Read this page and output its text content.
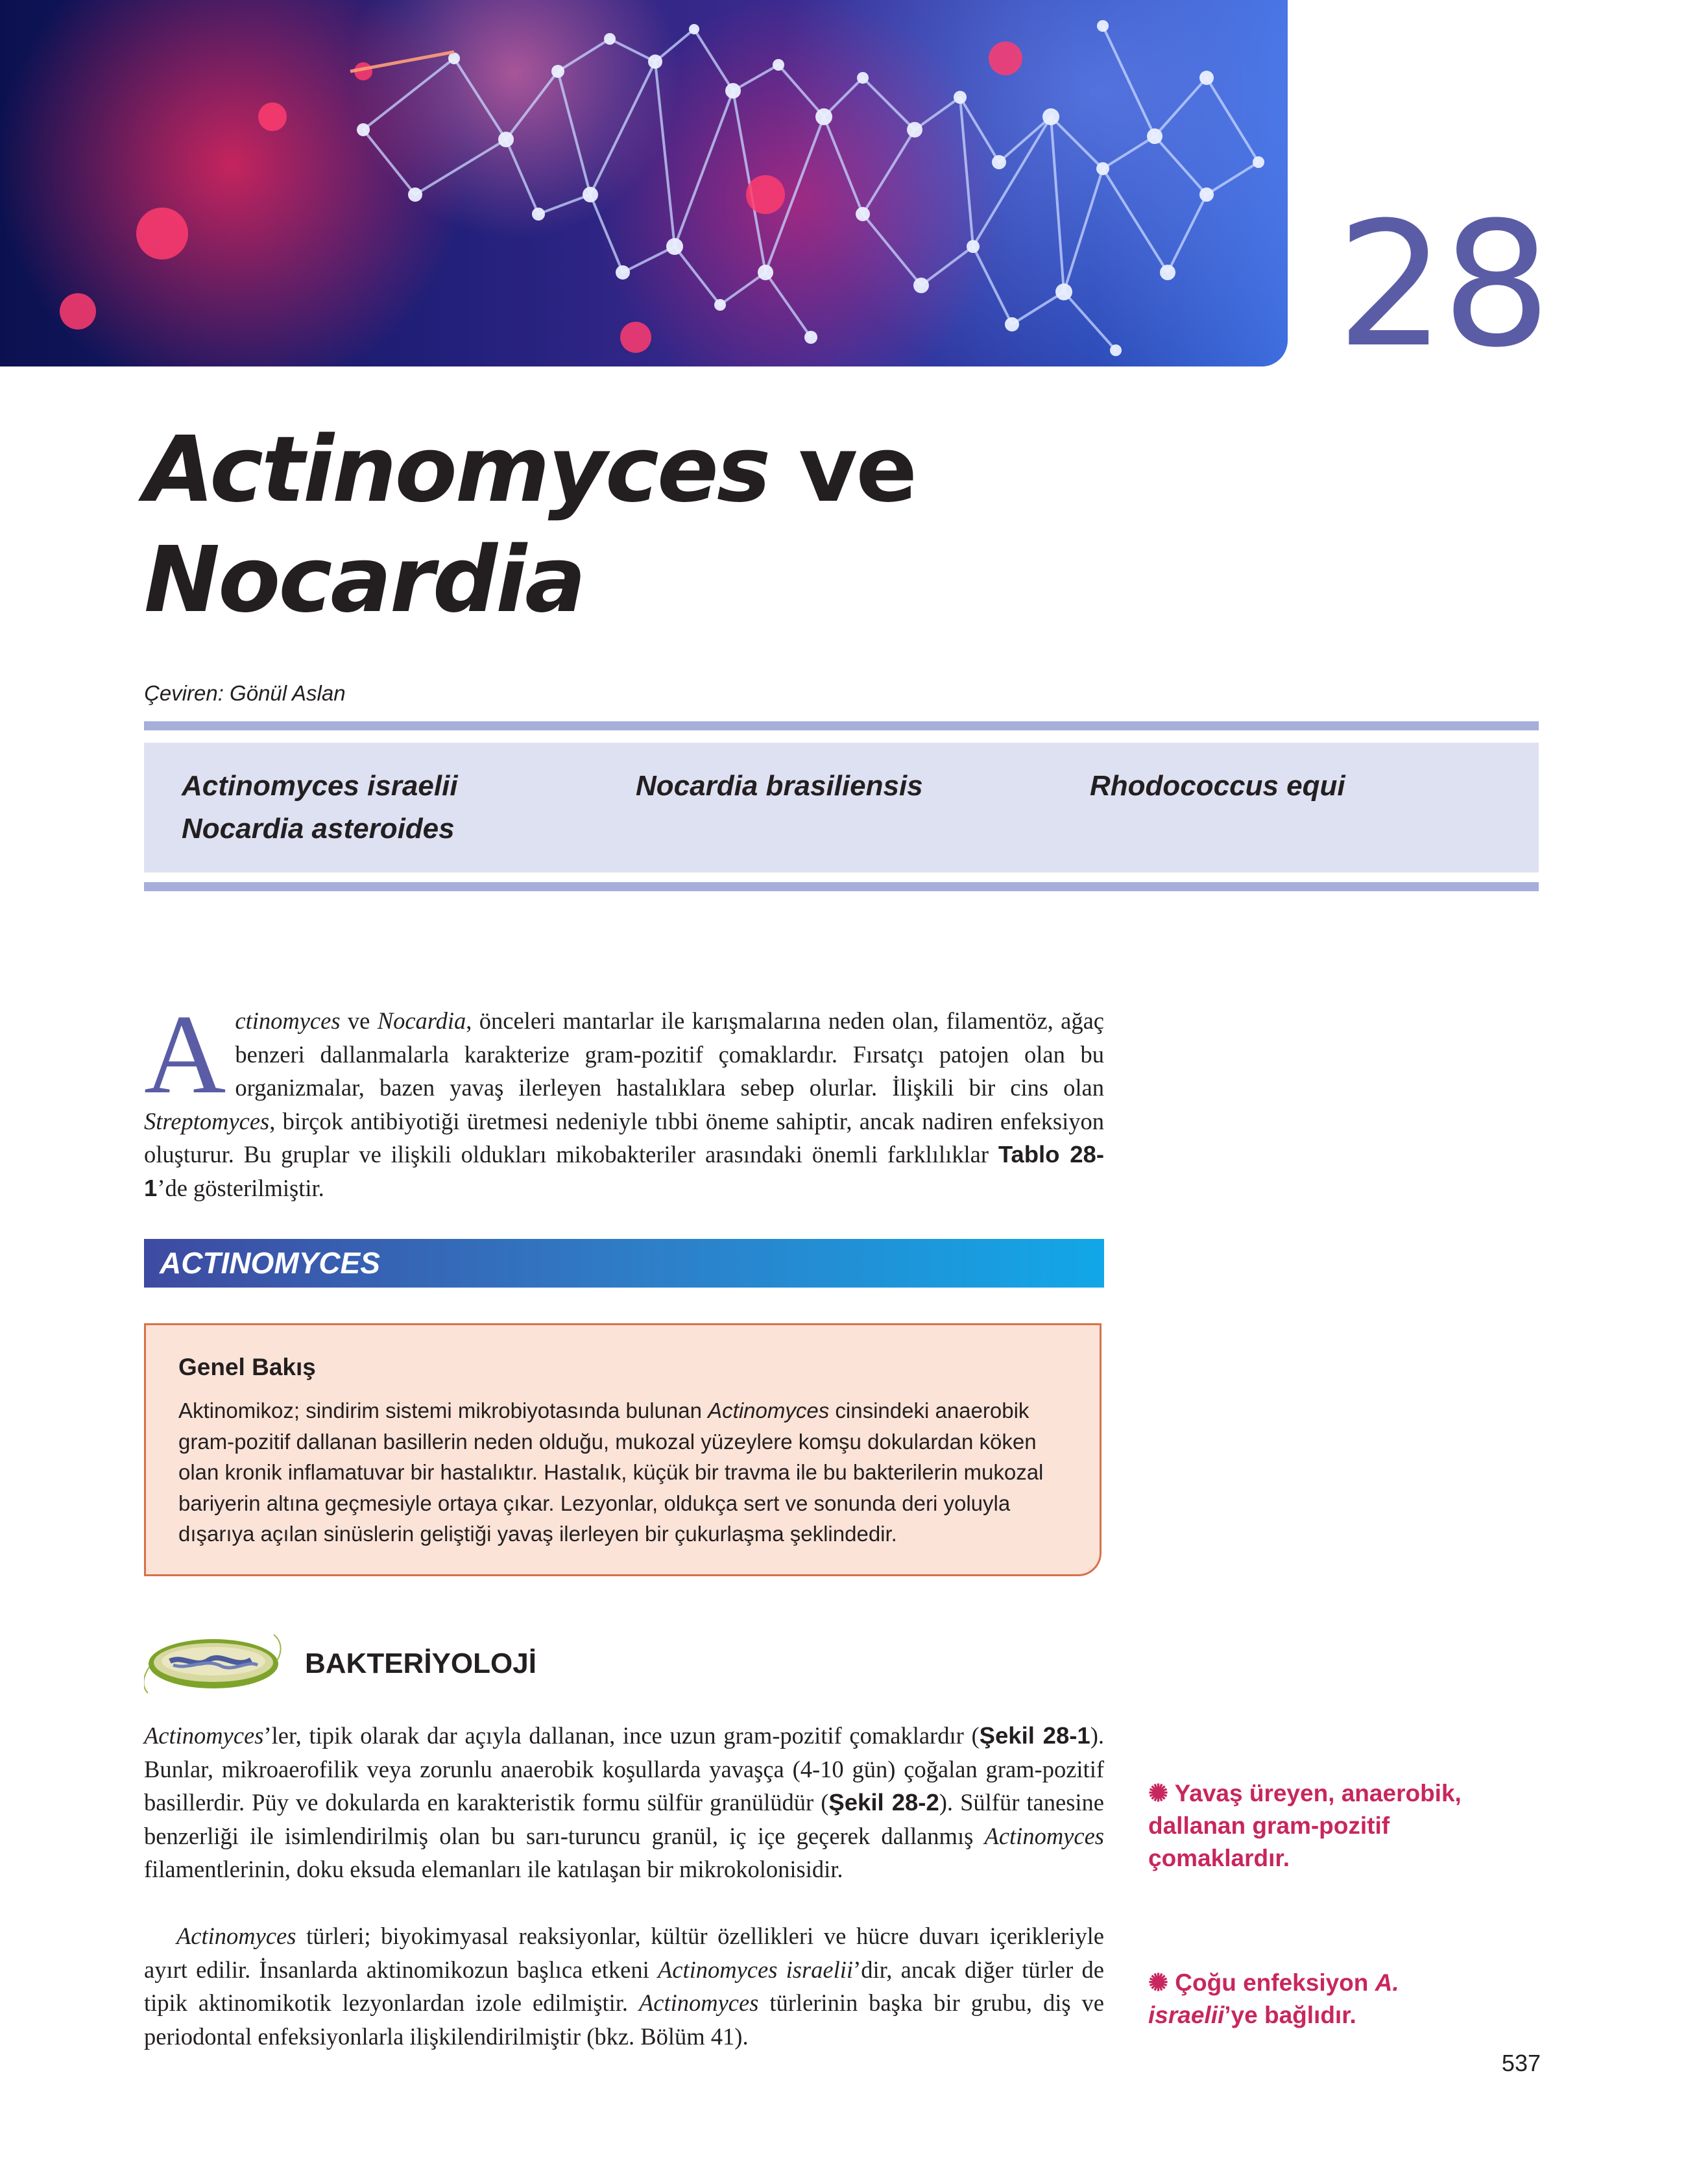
28
Actinomyces ve
Nocardia
Çeviren: Gönül Aslan
Actinomyces israelii	Nocardia brasiliensis	Rhodococcus equi
Nocardia asteroides
Actinomyces ve Nocardia, önceleri mantarlar ile karışmalarına neden olan, filamentöz, ağaç benzeri dallanmalarla karakterize gram-pozitif çomaklardır. Fırsatçı patojen olan bu organizmalar, bazen yavaş ilerleyen hastalıklara sebep olurlar. İlişkili bir cins olan Streptomyces, birçok antibiyotiği üretmesi nedeniyle tıbbi öneme sahiptir, ancak nadiren enfeksiyon oluşturur. Bu gruplar ve ilişkili oldukları mikobakteriler arasındaki önemli farklılıklar Tablo 28-1’de gösterilmiştir.
ACTINOMYCES
Genel Bakış
Aktinomikoz; sindirim sistemi mikrobiyotasında bulunan Actinomyces cinsindeki anaerobik gram-pozitif dallanan basillerin neden olduğu, mukozal yüzeylere komşu dokulardan köken olan kronik inflamatuvar bir hastalıktır. Hastalık, küçük bir travma ile bu bakterilerin mukozal bariyerin altına geçmesiyle ortaya çıkar. Lezyonlar, oldukça sert ve sonunda deri yoluyla dışarıya açılan sinüslerin geliştiği yavaş ilerleyen bir çukurlaşma şeklindedir.
BAKTERİYOLOJİ
Actinomyces’ler, tipik olarak dar açıyla dallanan, ince uzun gram-pozitif çomaklardır (Şekil 28-1). Bunlar, mikroaerofilik veya zorunlu anaerobik koşullarda yavaşça (4-10 gün) çoğalan gram-pozitif basillerdir. Püy ve dokularda en karakteristik formu sülfür granülüdür (Şekil 28-2). Sülfür tanesine benzerliği ile isimlendirilmiş olan bu sarı-turuncu granül, iç içe geçerek dallanmış Actinomyces filamentlerinin, doku eksuda elemanları ile katılaşan bir mikrokolonisidir.
Actinomyces türleri; biyokimyasal reaksiyonlar, kültür özellikleri ve hücre duvarı içerikleriyle ayırt edilir. İnsanlarda aktinomikozun başlıca etkeni Actinomyces israelii’dir, ancak diğer türler de tipik aktinomikotik lezyonlardan izole edilmiştir. Actinomyces türlerinin başka bir grubu, diş ve periodontal enfeksiyonlarla ilişkilendirilmiştir (bkz. Bölüm 41).
✺ Yavaş üreyen, anaerobik, dallanan gram-pozitif çomaklardır.
✺ Çoğu enfeksiyon A. israelii’ye bağlıdır.
537
